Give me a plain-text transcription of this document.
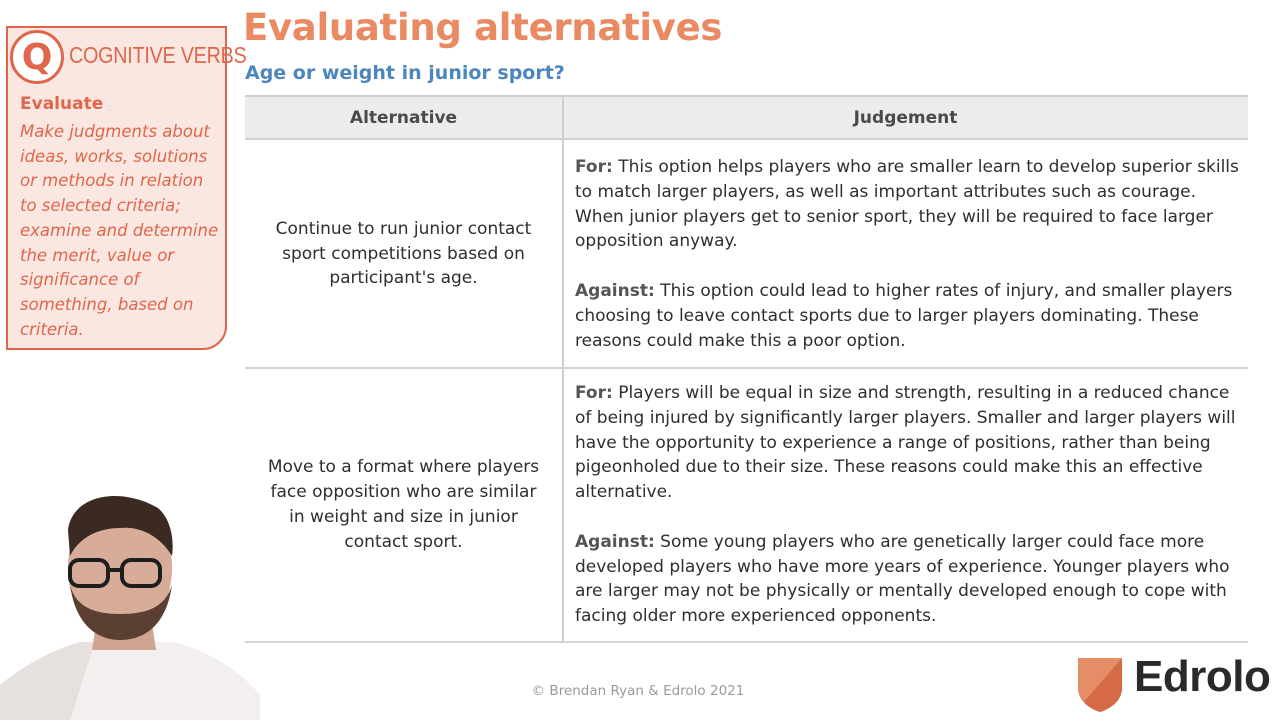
Q COGNITIVE VERBS
Evaluate
Make judgments about ideas, works, solutions or methods in relation to selected criteria; examine and determine the merit, value or significance of something, based on criteria.
Evaluating alternatives
Age or weight in junior sport?
Alternative	Judgement
Continue to run junior contact sport competitions based on participant's age.

For: This option helps players who are smaller learn to develop superior skills to match larger players, as well as important attributes such as courage. When junior players get to senior sport, they will be required to face larger opposition anyway.

Against: This option could lead to higher rates of injury, and smaller players choosing to leave contact sports due to larger players dominating. These reasons could make this a poor option.

Move to a format where players face opposition who are similar in weight and size in junior contact sport.

For: Players will be equal in size and strength, resulting in a reduced chance of being injured by significantly larger players. Smaller and larger players will have the opportunity to experience a range of positions, rather than being pigeonholed due to their size. These reasons could make this an effective alternative.

Against: Some young players who are genetically larger could face more developed players who have more years of experience. Younger players who are larger may not be physically or mentally developed enough to cope with facing older more experienced opponents.

© Brendan Ryan & Edrolo 2021	Edrolo
